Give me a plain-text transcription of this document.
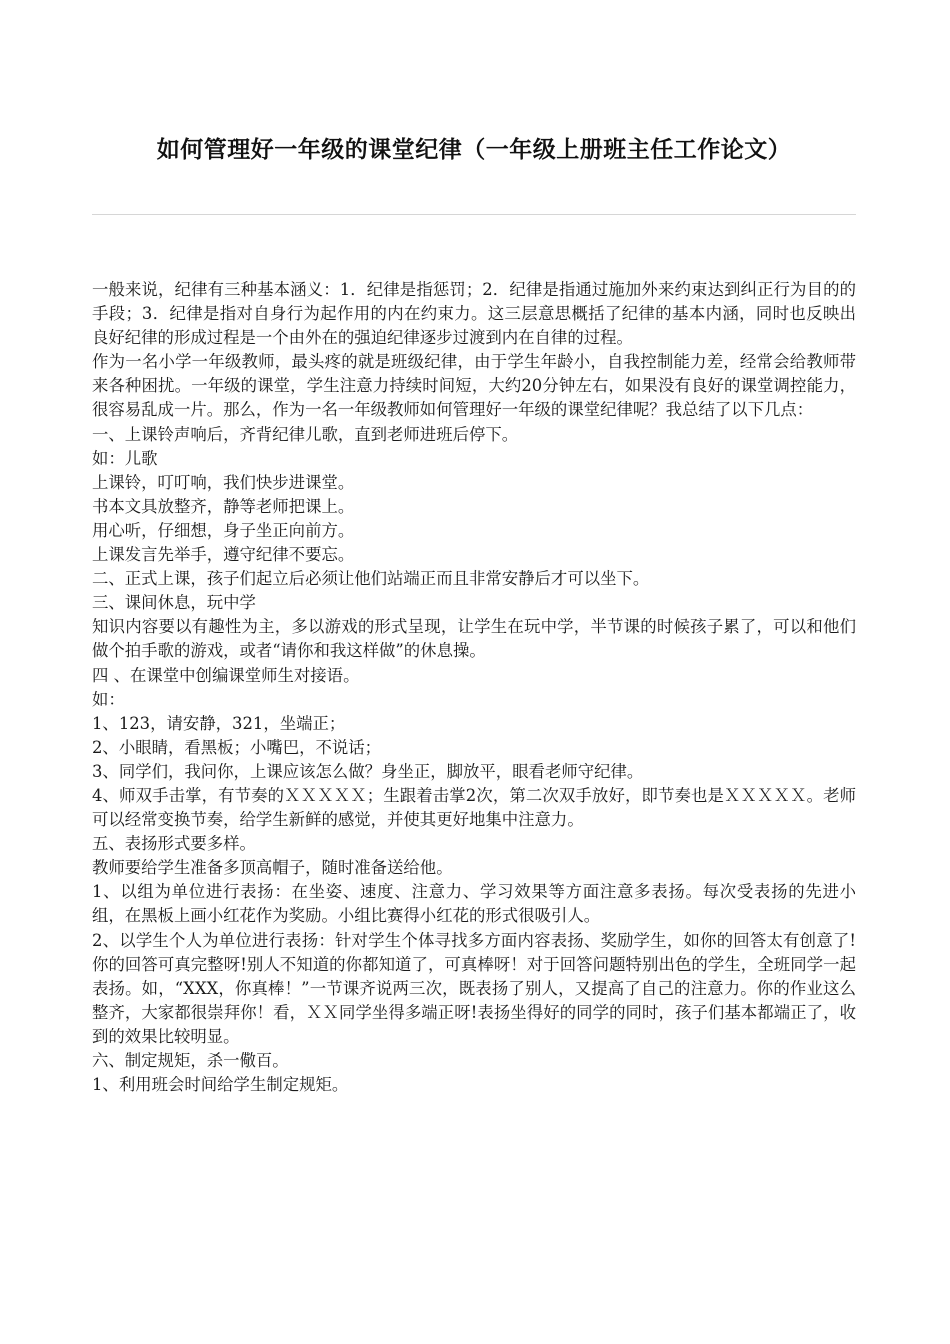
如何管理好一年级的课堂纪律（一年级上册班主任工作论文）

一般来说，纪律有三种基本涵义：1．纪律是指惩罚；2．纪律是指通过施加外来约束达到纠正行为目的的手段；3．纪律是指对自身行为起作用的内在约束力。这三层意思概括了纪律的基本内涵，同时也反映出良好纪律的形成过程是一个由外在的强迫纪律逐步过渡到内在自律的过程。

作为一名小学一年级教师，最头疼的就是班级纪律，由于学生年龄小，自我控制能力差，经常会给教师带来各种困扰。一年级的课堂，学生注意力持续时间短，大约20分钟左右，如果没有良好的课堂调控能力，很容易乱成一片。那么，作为一名一年级教师如何管理好一年级的课堂纪律呢？我总结了以下几点：

一、上课铃声响后，齐背纪律儿歌，直到老师进班后停下。

如：儿歌

上课铃，叮叮响，我们快步进课堂。

书本文具放整齐，静等老师把课上。

用心听，仔细想，身子坐正向前方。

上课发言先举手，遵守纪律不要忘。

二、正式上课，孩子们起立后必须让他们站端正而且非常安静后才可以坐下。

三、课间休息，玩中学

知识内容要以有趣性为主，多以游戏的形式呈现，让学生在玩中学，半节课的时候孩子累了，可以和他们做个拍手歌的游戏，或者“请你和我这样做”的休息操。

四 、在课堂中创编课堂师生对接语。

如：

1、123，请安静，321，坐端正；

2、小眼睛，看黑板；小嘴巴，不说话；

3、同学们，我问你，上课应该怎么做？身坐正，脚放平，眼看老师守纪律。

4、师双手击掌，有节奏的ＸＸＸＸＸ；生跟着击掌2次，第二次双手放好，即节奏也是ＸＸＸＸＸ。老师可以经常变换节奏，给学生新鲜的感觉，并使其更好地集中注意力。

五、表扬形式要多样。

教师要给学生准备多顶高帽子，随时准备送给他。

1、以组为单位进行表扬：在坐姿、速度、注意力、学习效果等方面注意多表扬。每次受表扬的先进小组，在黑板上画小红花作为奖励。小组比赛得小红花的形式很吸引人。

2、以学生个人为单位进行表扬：针对学生个体寻找多方面内容表扬、奖励学生，如你的回答太有创意了!你的回答可真完整呀!别人不知道的你都知道了，可真棒呀！对于回答问题特别出色的学生，全班同学一起表扬。如，“XXX，你真棒！”一节课齐说两三次，既表扬了别人，又提高了自己的注意力。你的作业这么整齐，大家都很崇拜你！看，ＸＸ同学坐得多端正呀!表扬坐得好的同学的同时，孩子们基本都端正了，收到的效果比较明显。

六、制定规矩，杀一儆百。

1、利用班会时间给学生制定规矩。
